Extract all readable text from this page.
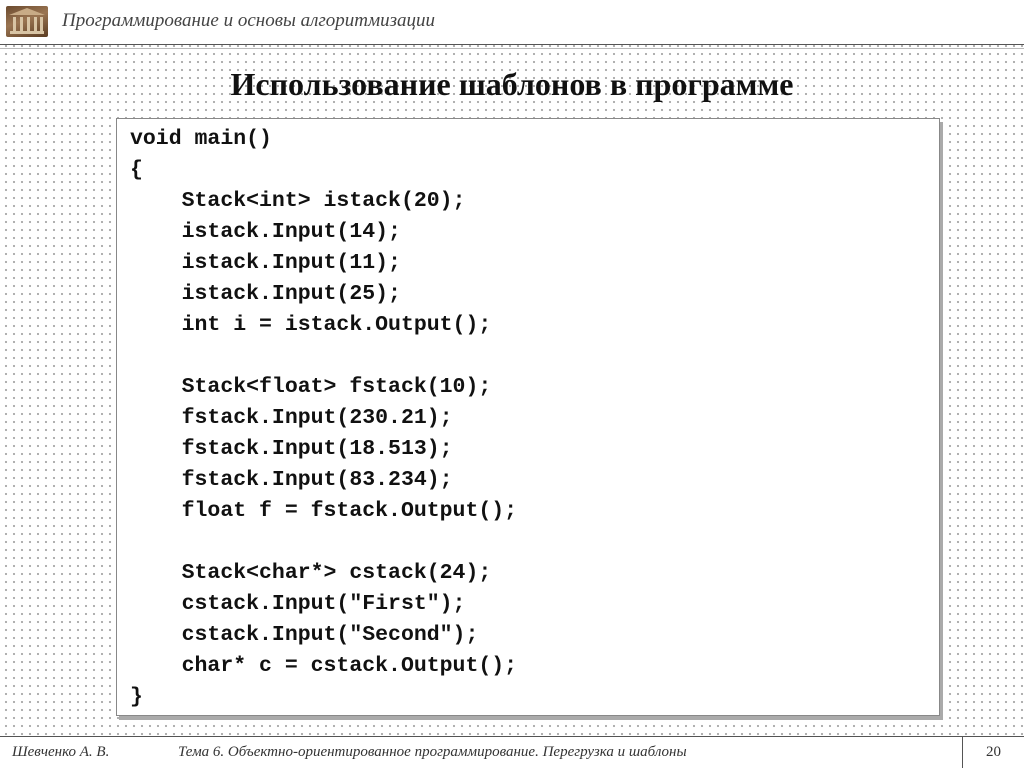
Программирование и основы алгоритмизации
Использование шаблонов в программе
void main()
{
Stack<int> istack(20);
istack.Input(14);
istack.Input(11);
istack.Input(25);
int i = istack.Output();
Stack<float> fstack(10);
fstack.Input(230.21);
fstack.Input(18.513);
fstack.Input(83.234);
float f = fstack.Output();
Stack<char*> cstack(24);
cstack.Input("First");
cstack.Input("Second");
char* c = cstack.Output();
}
Шевченко А. В.	Тема 6. Объектно-ориентированное программирование. Перегрузка и шаблоны	20
